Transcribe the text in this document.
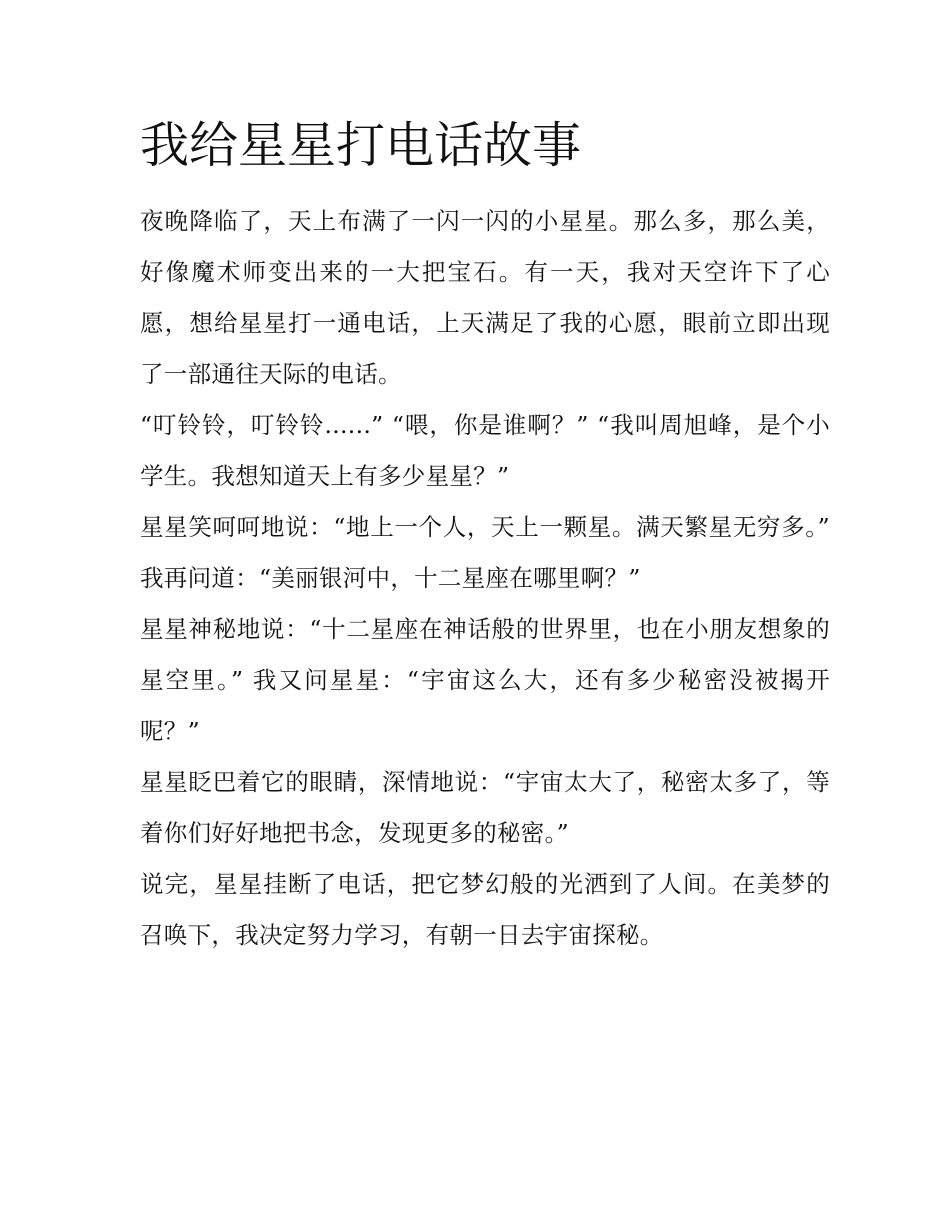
我给星星打电话故事

夜晚降临了，天上布满了一闪一闪的小星星。那么多，那么美，好像魔术师变出来的一大把宝石。有一天，我对天空许下了心愿，想给星星打一通电话，上天满足了我的心愿，眼前立即出现了一部通往天际的电话。

“叮铃铃，叮铃铃......” “喂，你是谁啊？” “我叫周旭峰，是个小学生。我想知道天上有多少星星？”

星星笑呵呵地说：“地上一个人，天上一颗星。满天繁星无穷多。” 我再问道：“美丽银河中，十二星座在哪里啊？”

星星神秘地说：“十二星座在神话般的世界里，也在小朋友想象的星空里。” 我又问星星：“宇宙这么大，还有多少秘密没被揭开呢？”

星星眨巴着它的眼睛，深情地说：“宇宙太大了，秘密太多了，等着你们好好地把书念，发现更多的秘密。”

说完，星星挂断了电话，把它梦幻般的光洒到了人间。在美梦的召唤下，我决定努力学习，有朝一日去宇宙探秘。
